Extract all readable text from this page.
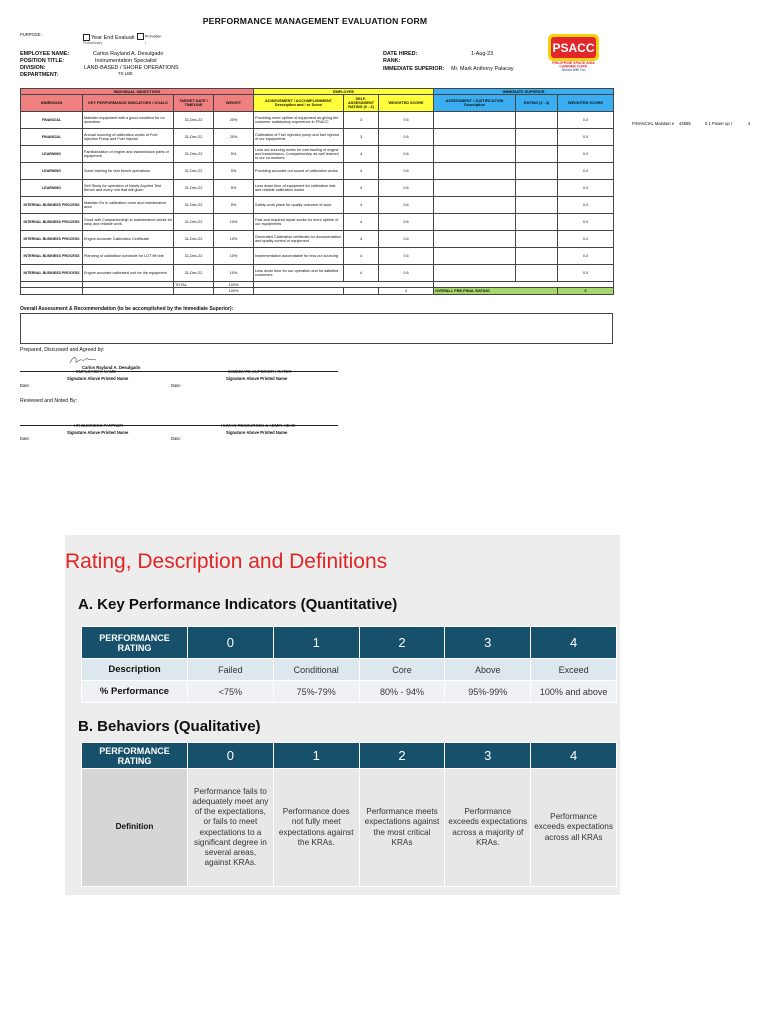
PERFORMANCE MANAGEMENT EVALUATION FORM
PURPOSE:
Year End Evaluati	Promotion
Probationary	r
EMPLOYEE NAME:	Carlos Rayland A. Desulgado
POSITION TITLE:	Instrumentation Specialist
DIVISION:	LAND-BASED / SHORE OPERATIONS
DEPARTMENT:	TS-LBE
DATE HIRED:	1-Aug-23
RANK:
IMMEDIATE SUPERIOR: Mr. Mark Anthony Palacay
PSACC
PHILIPPINE SPACE ASIA
CARRIER CORP.
Moving With You
INDIVIDUAL OBJECTIVES				EMPLOYEE			IMMEDIATE SUPERIOR		
DIMENSION	KEY PERFORMANCE INDICATORS / GOALS	TARGET DATE / TIMELINE	WEIGHT	ACHIEVEMENT / ACCOMPLISHMENT Description and / or Score	SELF-ASSESSMENT RATING (0 - 4)	WEIGHTED SCORE	ASSESSMENT / JUSTIFICATION Description	RATING (0 - 4)	WEIGHTED SCORE
FINANCIAL	Maintain equipment with a good condition for no downtime	31-Dec-22	20%	Providing more uptime of equipment as giving the customer satisfactory experience in PSACC	3	0.6			0.0
FINANCIAL	Annual sourcing of calibration works of Fuel injection Pump and Fuel Injector	31-Dec-22	20%	Calibration of Fuel injection pump and fuel injector of our equipments	3	0.6			0.0
LEARNING	Familiarization of engine and transmission parts of equipment	31-Dec-22	5%	Less out sourcing works for overhauling of engine and transmission. Companionship as well learned to our co-workers.	4	0.6			0.0
LEARNING	Solve training for test bench operations	31-Dec-22	5%	Providing accurate out sound of calibration works	4	0.6			0.0
LEARNING	Self Study for operation of Newly Aquired Test Bench and every unit that will given	31-Dec-22	5%	Less down time of equipment for calibration fast and reliable calibration works	4	0.6			0.0
INTERNAL BUSINESS PROCESS	Maintain 5's in calibration room and maintenance area	31-Dec-22	5%	Safety work place for quality outcome of work	4	0.6			0.0
INTERNAL BUSINESS PROCESS	Good with Companionship to maintenance works for easy and reliable work.	31-Dec-22	10%	Fast and required repair works for more uptime of our equipments	4	0.6			0.0
INTERNAL BUSINESS PROCESS	Engine Accurate Calibration Certificate	31-Dec-22	10%	Generated Calibration certificate for documentation and quality control of equipment	4	0.6			0.0
INTERNAL BUSINESS PROCESS	Planning of calibration schedule for LGT lift ride	31-Dec-22	10%	Implementation automatable for less out sourcing	4	0.6			0.0
INTERNAL BUSINESS PROCESS	Engine accurate calibrated unit for the equipment	31-Dec-22	10%	Less down time for our operation and for satisfied customers	4	0.6			0.0
		TOTAL	100%						
			100%			3	OVERALL PRE-FINAL RATING		0
FINANCIAL Maintain e 44885	0.1 Power up I	4
Overall Assessment & Recommendation (to be accomplished by the Immediate Superior):
Prepared, Discussed and Agreed by:
Carlos Rayland A. Desulgado
EMPLOYEE'S NAME	IMMEDIATE SUPERIOR / RATER
Signature Above Printed Name	Signature Above Printed Name
Date:	Date:
Reviewed and Noted By:
HR BUSINESS PARTNER	HUMAN RESOURCES & ADMIN HEAD
Signature Above Printed Name	Signature Above Printed Name
Date:	Date:
Rating, Description and Definitions
A. Key Performance Indicators (Quantitative)
PERFORMANCE RATING	0	1	2	3	4
Description	Failed	Conditional	Core	Above	Exceed
% Performance	<75%	75%-79%	80% - 94%	95%-99%	100% and above
B. Behaviors (Qualitative)
PERFORMANCE RATING	0	1	2	3	4
Definition	Performance fails to adequately meet any of the expectations, or fails to meet expectations to a significant degree in several areas, against KRAs.	Performance does not fully meet expectations against the KRAs.	Performance meets expectations against the most critical KRAs	Performance exceeds expectations across a majority of KRAs.	Performance exceeds expectations across all KRAs
